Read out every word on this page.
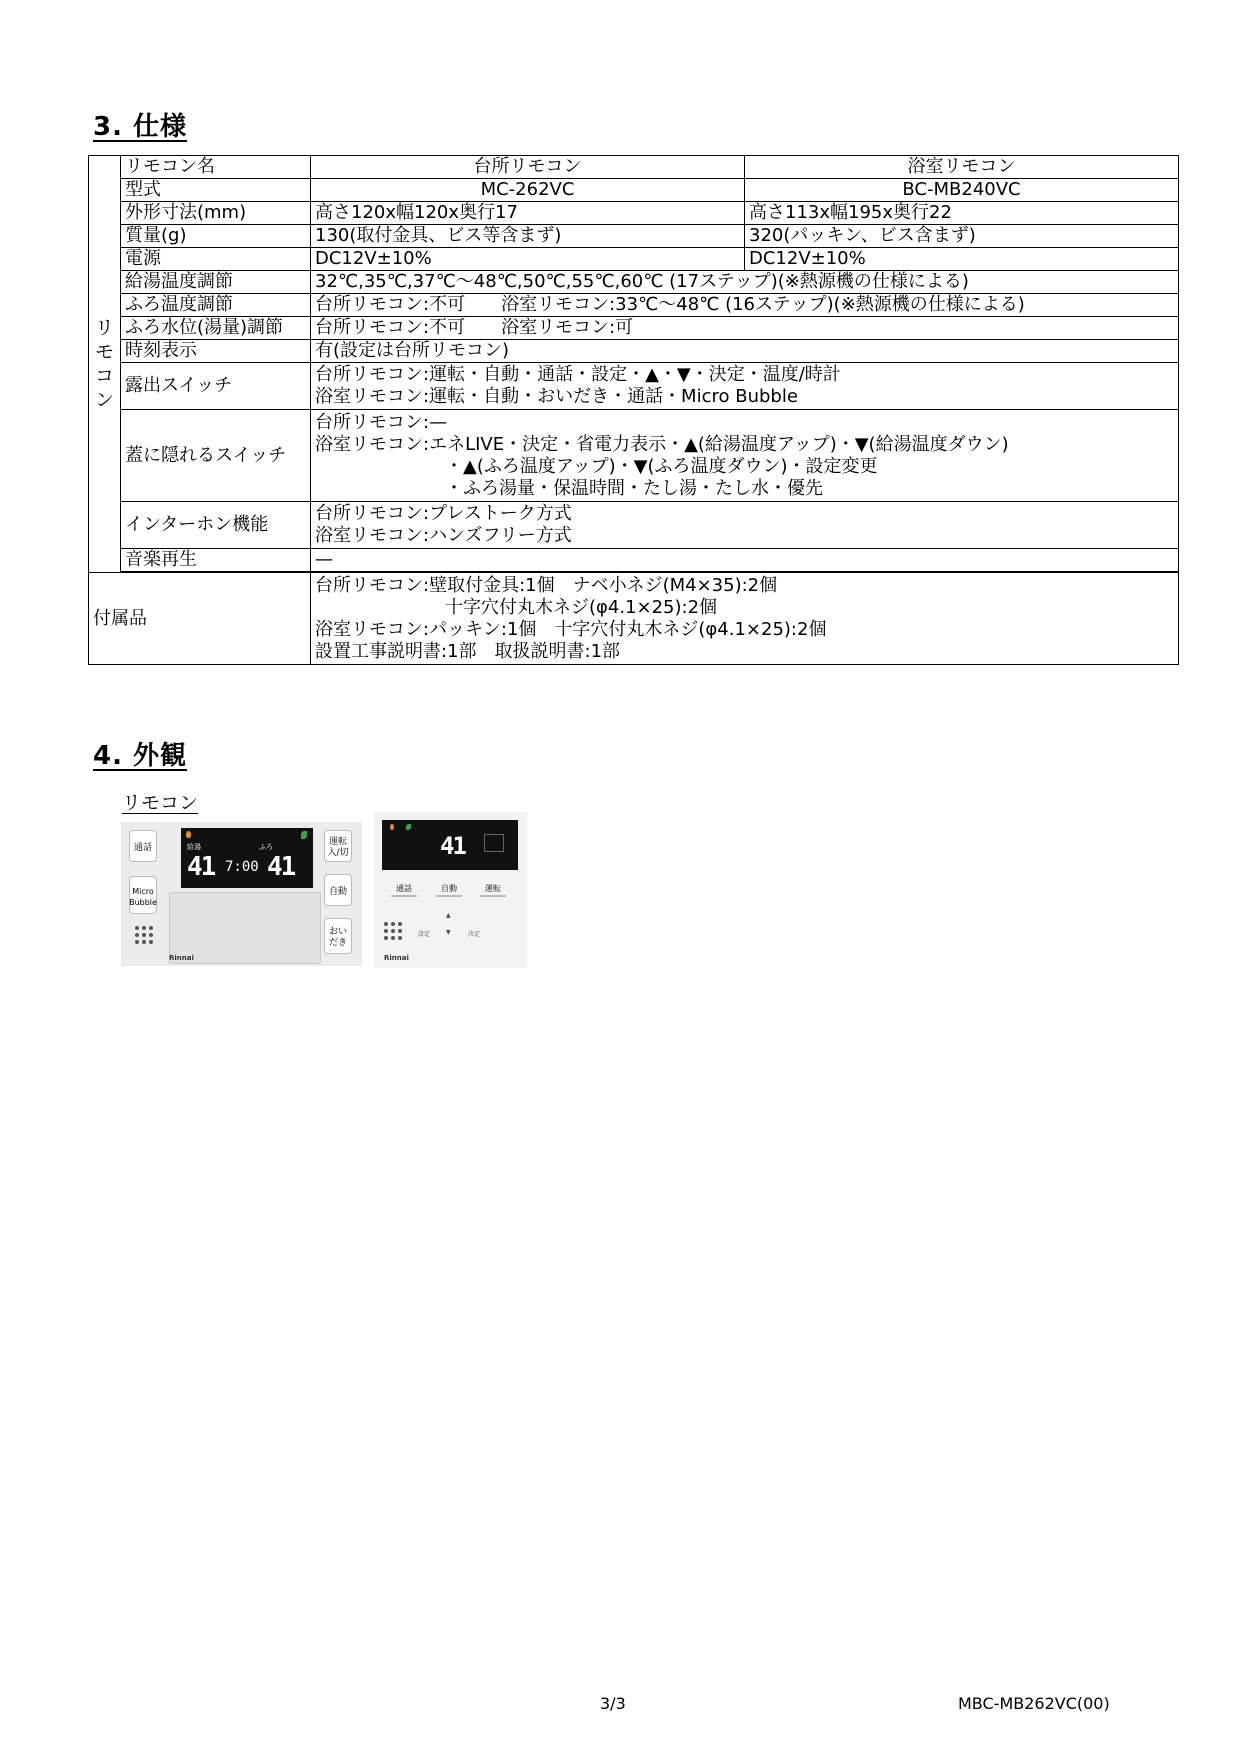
3. 仕様
リ
モ
コ
ン	リモコン名	台所リモコン	浴室リモコン
	型式	MC-262VC	BC-MB240VC
	外形寸法(mm)	高さ120x幅120x奥行17	高さ113x幅195x奥行22
	質量(g)	130(取付金具、ビス等含まず)	320(パッキン、ビス含まず)
	電源	DC12V±10%	DC12V±10%
	給湯温度調節	32℃,35℃,37℃～48℃,50℃,55℃,60℃ (17ステップ)(※熱源機の仕様による)	
	ふろ温度調節	台所リモコン:不可　　浴室リモコン:33℃～48℃ (16ステップ)(※熱源機の仕様による)	
	ふろ水位(湯量)調節	台所リモコン:不可　　浴室リモコン:可	
	時刻表示	有(設定は台所リモコン)	
	露出スイッチ	台所リモコン:運転・自動・通話・設定・▲・▼・決定・温度/時計
浴室リモコン:運転・自動・おいだき・通話・Micro Bubble	

	蓋に隠れるスイッチ	台所リモコン:—
浴室リモコン:エネLIVE・決定・省電力表示・▲(給湯温度アップ)・▼(給湯温度ダウン)
・▲(ふろ温度アップ)・▼(ふろ温度ダウン)・設定変更
・ふろ湯量・保温時間・たし湯・たし水・優先	

	インターホン機能	台所リモコン:プレストーク方式
浴室リモコン:ハンズフリー方式	

	音楽再生	—	

付属品		台所リモコン:壁取付金具:1個　ナベ小ネジ(M4×35):2個
十字穴付丸木ネジ(φ4.1×25):2個
浴室リモコン:パッキン:1個　十字穴付丸木ネジ(φ4.1×25):2個
設置工事説明書:1部　取扱説明書:1部	
4. 外観
リモコン
通話
Micro Bubble
給湯	ふろ
41 7:00 41
運転 入/切
自動
おい だき
Rinnai
41
通話	自動	運転
▲
設定	▼	決定
Rinnai
3/3	MBC-MB262VC(00)
